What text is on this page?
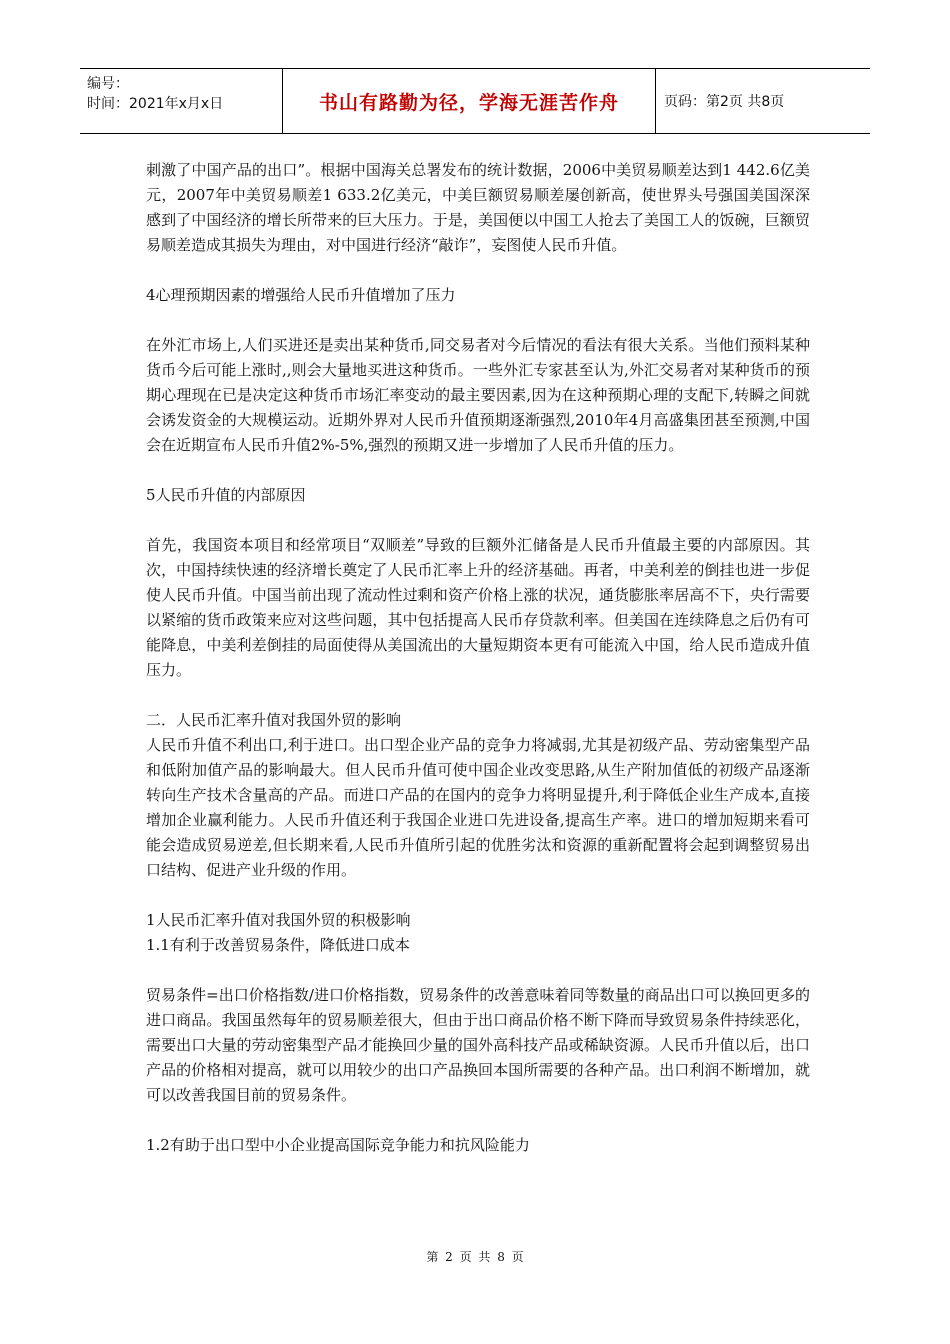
编号：
时间：2021年x月x日	书山有路勤为径，学海无涯苦作舟	页码：第2页 共8页

刺激了中国产品的出口”。根据中国海关总署发布的统计数据，2006中美贸易顺差达到1 442.6亿美元，2007年中美贸易顺差1 633.2亿美元，中美巨额贸易顺差屡创新高，使世界头号强国美国深深感到了中国经济的增长所带来的巨大压力。于是，美国便以中国工人抢去了美国工人的饭碗，巨额贸易顺差造成其损失为理由，对中国进行经济“敲诈”，妄图使人民币升值。

4心理预期因素的增强给人民币升值增加了压力

在外汇市场上,人们买进还是卖出某种货币,同交易者对今后情况的看法有很大关系。当他们预料某种货币今后可能上涨时,,则会大量地买进这种货币。一些外汇专家甚至认为,外汇交易者对某种货币的预期心理现在已是决定这种货币市场汇率变动的最主要因素,因为在这种预期心理的支配下,转瞬之间就会诱发资金的大规模运动。近期外界对人民币升值预期逐渐强烈,2010年4月高盛集团甚至预测,中国会在近期宣布人民币升值2%-5%,强烈的预期又进一步增加了人民币升值的压力。

5人民币升值的内部原因

首先，我国资本项目和经常项目“双顺差”导致的巨额外汇储备是人民币升值最主要的内部原因。其次，中国持续快速的经济增长奠定了人民币汇率上升的经济基础。再者，中美利差的倒挂也进一步促使人民币升值。中国当前出现了流动性过剩和资产价格上涨的状况，通货膨胀率居高不下，央行需要以紧缩的货币政策来应对这些问题，其中包括提高人民币存贷款利率。但美国在连续降息之后仍有可能降息，中美利差倒挂的局面使得从美国流出的大量短期资本更有可能流入中国，给人民币造成升值压力。

二．人民币汇率升值对我国外贸的影响

人民币升值不利出口,利于进口。出口型企业产品的竞争力将减弱,尤其是初级产品、劳动密集型产品和低附加值产品的影响最大。但人民币升值可使中国企业改变思路,从生产附加值低的初级产品逐渐转向生产技术含量高的产品。而进口产品的在国内的竞争力将明显提升,利于降低企业生产成本,直接增加企业赢利能力。人民币升值还利于我国企业进口先进设备,提高生产率。进口的增加短期来看可能会造成贸易逆差,但长期来看,人民币升值所引起的优胜劣汰和资源的重新配置将会起到调整贸易出口结构、促进产业升级的作用。

1人民币汇率升值对我国外贸的积极影响

1.1有利于改善贸易条件，降低进口成本

贸易条件=出口价格指数/进口价格指数，贸易条件的改善意味着同等数量的商品出口可以换回更多的进口商品。我国虽然每年的贸易顺差很大，但由于出口商品价格不断下降而导致贸易条件持续恶化，需要出口大量的劳动密集型产品才能换回少量的国外高科技产品或稀缺资源。人民币升值以后，出口产品的价格相对提高，就可以用较少的出口产品换回本国所需要的各种产品。出口利润不断增加，就可以改善我国目前的贸易条件。

1.2有助于出口型中小企业提高国际竞争能力和抗风险能力

第 2 页 共 8 页
